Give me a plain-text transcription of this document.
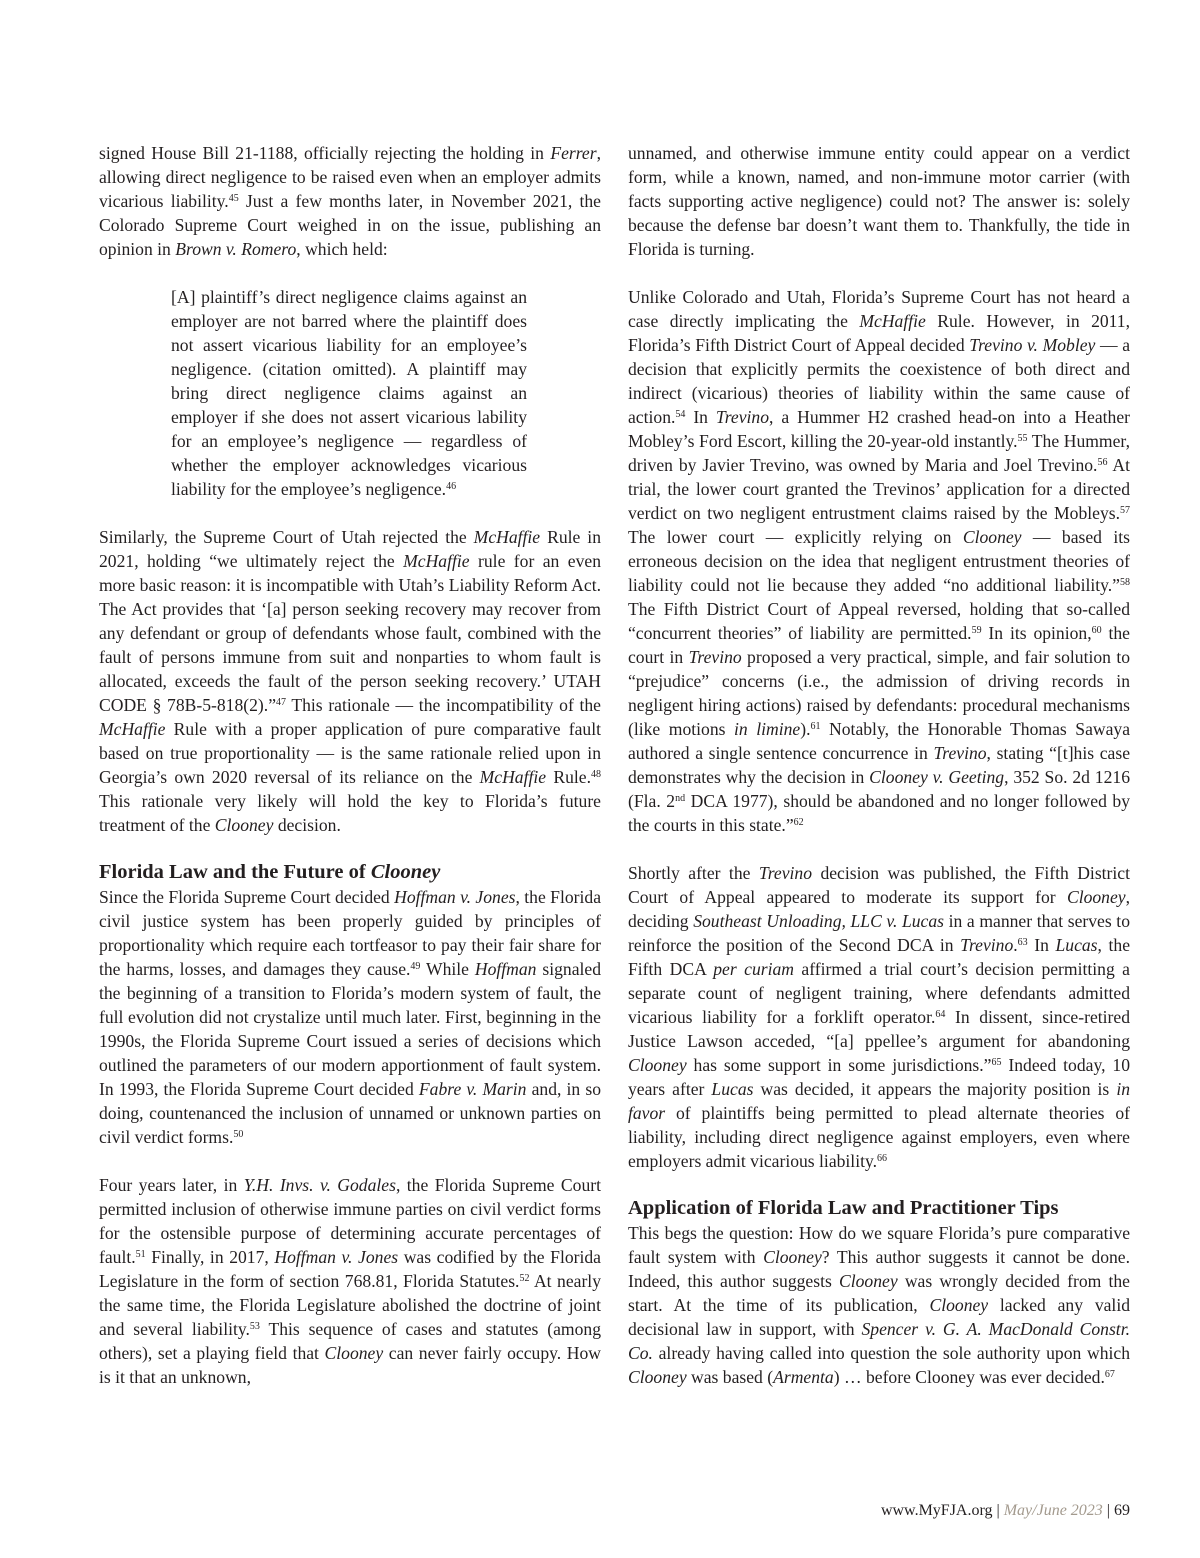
signed House Bill 21-1188, officially rejecting the holding in Ferrer, allowing direct negligence to be raised even when an employer admits vicarious liability.$^{45}$ Just a few months later, in November 2021, the Colorado Supreme Court weighed in on the issue, publishing an opinion in Brown v. Romero, which held:

[A] plaintiff’s direct negligence claims against an employer are not barred where the plaintiff does not assert vicarious liability for an employee’s negligence. (citation omitted). A plaintiff may bring direct negligence claims against an employer if she does not assert vicarious lability for an employee’s negligence — regardless of whether the employer acknowledges vicarious liability for the employee’s negligence.$^{46}$

Similarly, the Supreme Court of Utah rejected the McHaffie Rule in 2021, holding “we ultimately reject the McHaffie rule for an even more basic reason: it is incompatible with Utah’s Liability Reform Act. The Act provides that ‘[a] person seeking recovery may recover from any defendant or group of defendants whose fault, combined with the fault of persons immune from suit and nonparties to whom fault is allocated, exceeds the fault of the person seeking recovery.’ UTAH CODE § 78B-5-818(2).”$^{47}$ This rationale — the incompatibility of the McHaffie Rule with a proper application of pure comparative fault based on true proportionality — is the same rationale relied upon in Georgia’s own 2020 reversal of its reliance on the McHaffie Rule.$^{48}$ This rationale very likely will hold the key to Florida’s future treatment of the Clooney decision.

Florida Law and the Future of Clooney

Since the Florida Supreme Court decided Hoffman v. Jones, the Florida civil justice system has been properly guided by principles of proportionality which require each tortfeasor to pay their fair share for the harms, losses, and damages they cause.$^{49}$ While Hoffman signaled the beginning of a transition to Florida’s modern system of fault, the full evolution did not crystalize until much later. First, beginning in the 1990s, the Florida Supreme Court issued a series of decisions which outlined the parameters of our modern apportionment of fault system. In 1993, the Florida Supreme Court decided Fabre v. Marin and, in so doing, countenanced the inclusion of unnamed or unknown parties on civil verdict forms.$^{50}$

Four years later, in Y.H. Invs. v. Godales, the Florida Supreme Court permitted inclusion of otherwise immune parties on civil verdict forms for the ostensible purpose of determining accurate percentages of fault.$^{51}$ Finally, in 2017, Hoffman v. Jones was codified by the Florida Legislature in the form of section 768.81, Florida Statutes.$^{52}$ At nearly the same time, the Florida Legislature abolished the doctrine of joint and several liability.$^{53}$ This sequence of cases and statutes (among others), set a playing field that Clooney can never fairly occupy. How is it that an unknown,

unnamed, and otherwise immune entity could appear on a verdict form, while a known, named, and non-immune motor carrier (with facts supporting active negligence) could not? The answer is: solely because the defense bar doesn’t want them to. Thankfully, the tide in Florida is turning.

Unlike Colorado and Utah, Florida’s Supreme Court has not heard a case directly implicating the McHaffie Rule. However, in 2011, Florida’s Fifth District Court of Appeal decided Trevino v. Mobley — a decision that explicitly permits the coexistence of both direct and indirect (vicarious) theories of liability within the same cause of action.$^{54}$ In Trevino, a Hummer H2 crashed head-on into a Heather Mobley’s Ford Escort, killing the 20-year-old instantly.$^{55}$ The Hummer, driven by Javier Trevino, was owned by Maria and Joel Trevino.$^{56}$ At trial, the lower court granted the Trevinos’ application for a directed verdict on two negligent entrustment claims raised by the Mobleys.$^{57}$ The lower court — explicitly relying on Clooney — based its erroneous decision on the idea that negligent entrustment theories of liability could not lie because they added “no additional liability.”$^{58}$ The Fifth District Court of Appeal reversed, holding that so-called “concurrent theories” of liability are permitted.$^{59}$ In its opinion,$^{60}$ the court in Trevino proposed a very practical, simple, and fair solution to “prejudice” concerns (i.e., the admission of driving records in negligent hiring actions) raised by defendants: procedural mechanisms (like motions in limine).$^{61}$ Notably, the Honorable Thomas Sawaya authored a single sentence concurrence in Trevino, stating “[t]his case demonstrates why the decision in Clooney v. Geeting, 352 So. 2d 1216 (Fla. 2nd DCA 1977), should be abandoned and no longer followed by the courts in this state.”$^{62}$

Shortly after the Trevino decision was published, the Fifth District Court of Appeal appeared to moderate its support for Clooney, deciding Southeast Unloading, LLC v. Lucas in a manner that serves to reinforce the position of the Second DCA in Trevino.$^{63}$ In Lucas, the Fifth DCA per curiam affirmed a trial court’s decision permitting a separate count of negligent training, where defendants admitted vicarious liability for a forklift operator.$^{64}$ In dissent, since-retired Justice Lawson acceded, “[a] ppellee’s argument for abandoning Clooney has some support in some jurisdictions.”$^{65}$ Indeed today, 10 years after Lucas was decided, it appears the majority position is in favor of plaintiffs being permitted to plead alternate theories of liability, including direct negligence against employers, even where employers admit vicarious liability.$^{66}$

Application of Florida Law and Practitioner Tips

This begs the question: How do we square Florida’s pure comparative fault system with Clooney? This author suggests it cannot be done. Indeed, this author suggests Clooney was wrongly decided from the start. At the time of its publication, Clooney lacked any valid decisional law in support, with Spencer v. G. A. MacDonald Constr. Co. already having called into question the sole authority upon which Clooney was based (Armenta) … before Clooney was ever decided.$^{67}$

www.MyFJA.org | May/June 2023 | 69
